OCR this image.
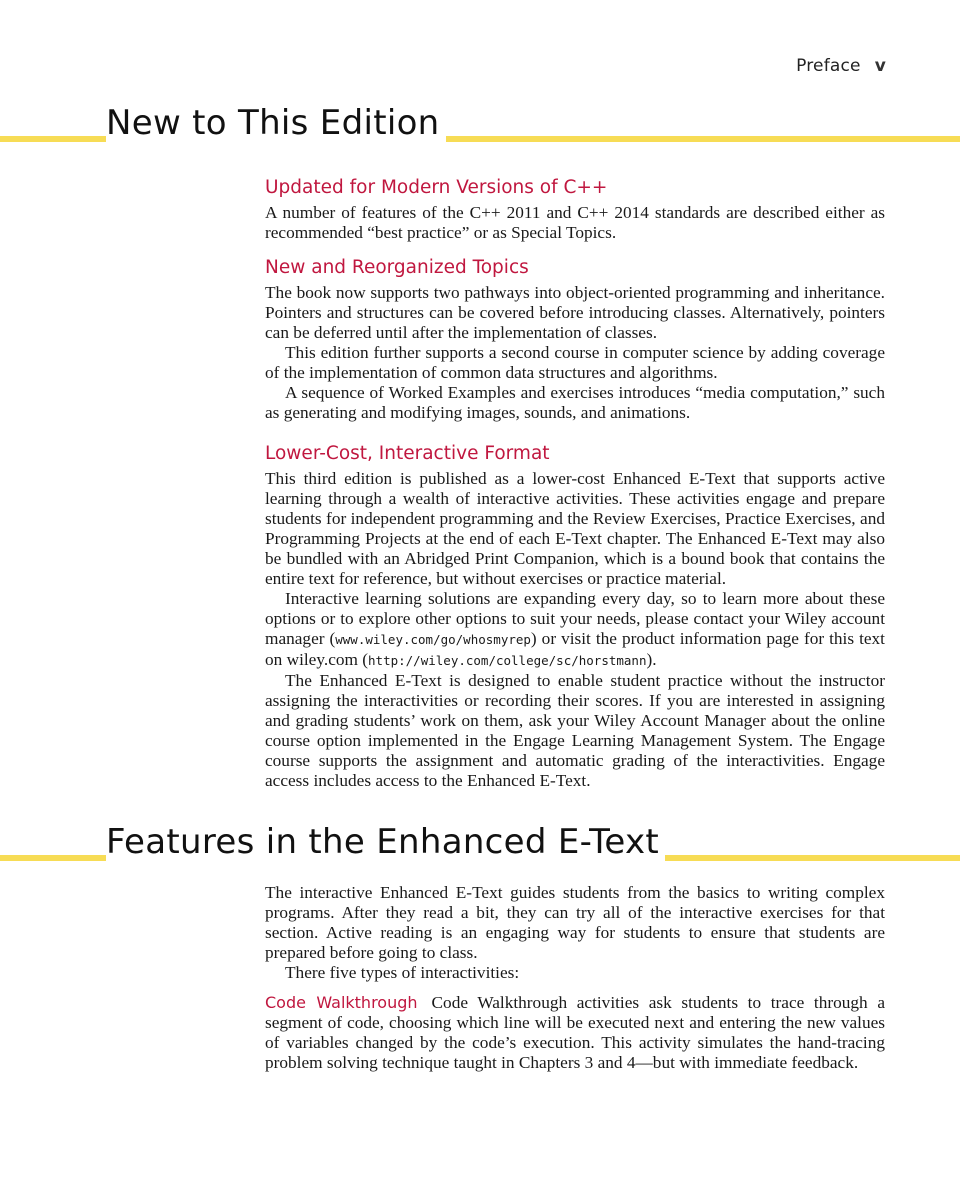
Preface v
New to This Edition
Updated for Modern Versions of C++

A number of features of the C++ 2011 and C++ 2014 standards are described either as recommended “best practice” or as Special Topics.

New and Reorganized Topics

The book now supports two pathways into object-oriented programming and inheritance. Pointers and structures can be covered before introducing classes. Alternatively, pointers can be deferred until after the implementation of classes.

This edition further supports a second course in computer science by adding coverage of the implementation of common data structures and algorithms.

A sequence of Worked Examples and exercises introduces “media computation,” such as generating and modifying images, sounds, and animations.

Lower-Cost, Interactive Format

This third edition is published as a lower-cost Enhanced E-Text that supports active learning through a wealth of interactive activities. These activities engage and prepare students for independent programming and the Review Exercises, Practice Exercises, and Programming Projects at the end of each E-Text chapter. The Enhanced E-Text may also be bundled with an Abridged Print Companion, which is a bound book that contains the entire text for reference, but without exercises or practice material.

Interactive learning solutions are expanding every day, so to learn more about these options or to explore other options to suit your needs, please contact your Wiley account manager (www.wiley.com/go/whosmyrep) or visit the product information page for this text on wiley.com (http://wiley.com/college/sc/horstmann).

The Enhanced E-Text is designed to enable student practice without the instructor assigning the interactivities or recording their scores. If you are interested in assigning and grading students’ work on them, ask your Wiley Account Manager about the online course option implemented in the Engage Learning Management System. The Engage course supports the assignment and automatic grading of the interactivities. Engage access includes access to the Enhanced E-Text.

Features in the Enhanced E-Text

The interactive Enhanced E-Text guides students from the basics to writing complex programs. After they read a bit, they can try all of the interactive exercises for that section. Active reading is an engaging way for students to ensure that students are prepared before going to class.

There five types of interactivities:

Code Walkthrough Code Walkthrough activities ask students to trace through a segment of code, choosing which line will be executed next and entering the new values of variables changed by the code’s execution. This activity simulates the hand-tracing problem solving technique taught in Chapters 3 and 4—but with immediate feedback.
